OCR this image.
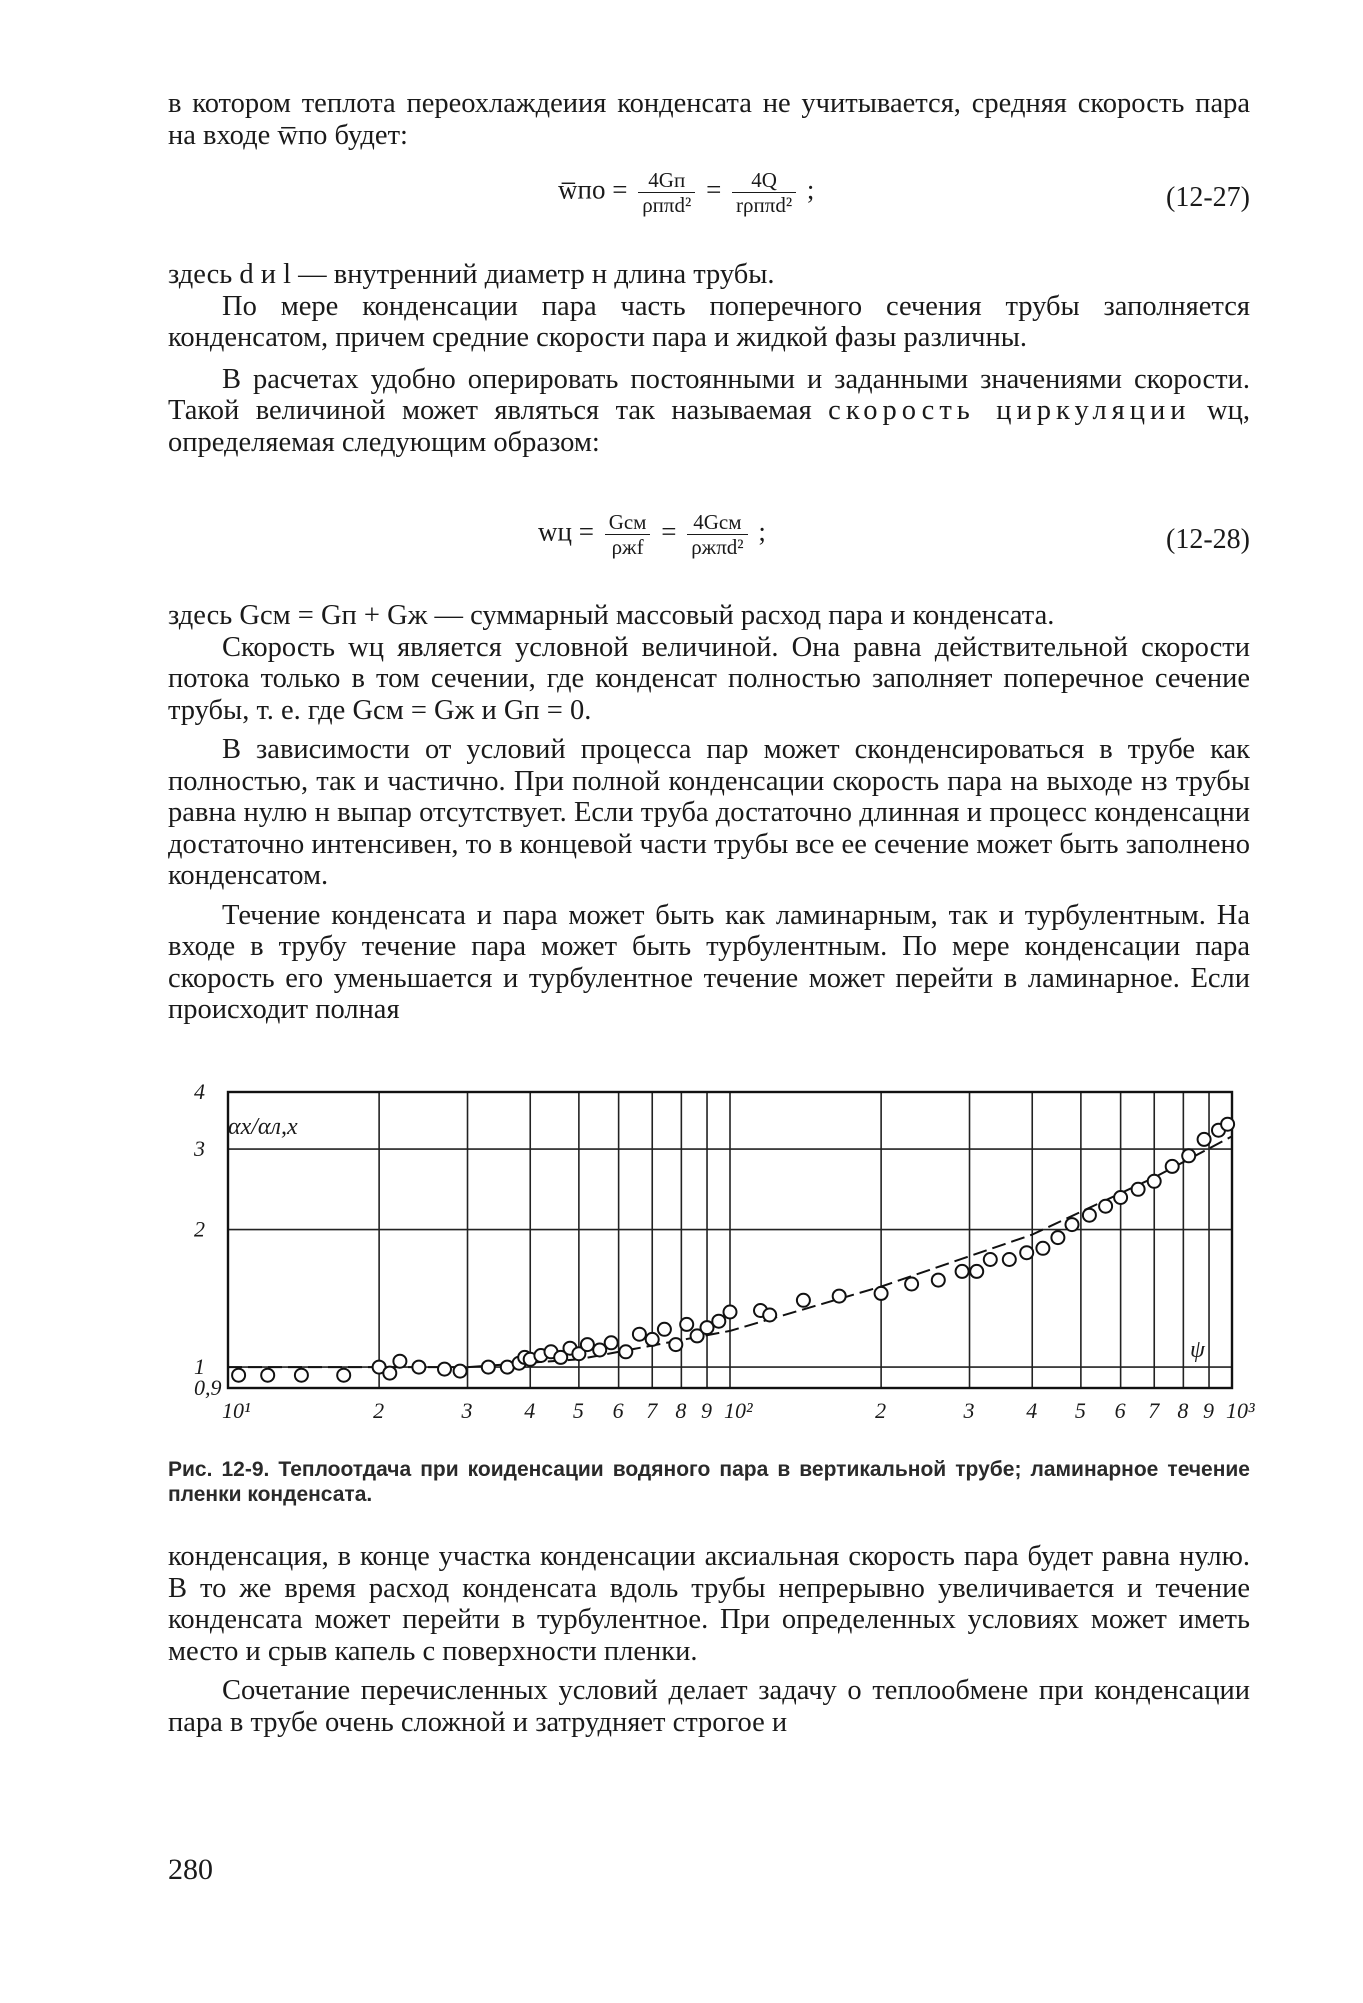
в котором теплота переохлаждеиия конденсата не учитывается, средняя скорость пара на входе w̅по будет:

w̅по = $\frac{4Gп}{\text{ρпπd²}} = \frac{4Q}{\text{rρпπd²}}$ ;	(12-27)

здесь d и l — внутренний диаметр н длина трубы.

По мере конденсации пара часть поперечного сечения трубы заполняется конденсатом, причем средние скорости пара и жидкой фазы различны.

В расчетах удобно оперировать постоянными и заданными значениями скорости. Такой величиной может являться так называемая скорость циркуляции wц, определяемая следующим образом:

wц = $\frac{\text{Gсм}}{\text{ρжf}} = \frac{\text{4Gсм}}{\text{ρжπd²}}$ ;	(12-28)

здесь Gсм = Gп + Gж — суммарный массовый расход пара и конденсата.

Скорость wц является условной величиной. Она равна действительной скорости потока только в том сечении, где конденсат полностью заполняет поперечное сечение трубы, т. е. где Gсм = Gж и Gп = 0.

В зависимости от условий процесса пар может сконденсироваться в трубе как полностью, так и частично. При полной конденсации скорость пара на выходе нз трубы равна нулю н выпар отсутствует. Если труба достаточно длинная и процесс конденсацни достаточно интенсивен, то в концевой части трубы все ее сечение может быть заполнено конденсатом.

Течение конденсата и пара может быть как ламинарным, так и турбулентным. На входе в трубу течение пара может быть турбулентным. По мере конденсации пара скорость его уменьшается и турбулентное течение может перейти в ламинарное. Если происходит полная

10¹	2	3 4 5 6 7 8 9 10²	2	3 4 5 6 7 8 9 10³
0,9
1
2
3
4
αx/αл,x
ψ
Рис. 12-9. Теплоотдача при коиденсации водяного пара в вертикальной трубе; ламинарное течение пленки конденсата.

конденсация, в конце участка конденсации аксиальная скорость пара будет равна нулю. В то же время расход конденсата вдоль трубы непрерывно увеличивается и течение конденсата может перейти в турбулентное. При определенных условиях может иметь место и срыв капель с поверхности пленки.

Сочетание перечисленных условий делает задачу о теплообмене при конденсации пара в трубе очень сложной и затрудняет строгое и

280
